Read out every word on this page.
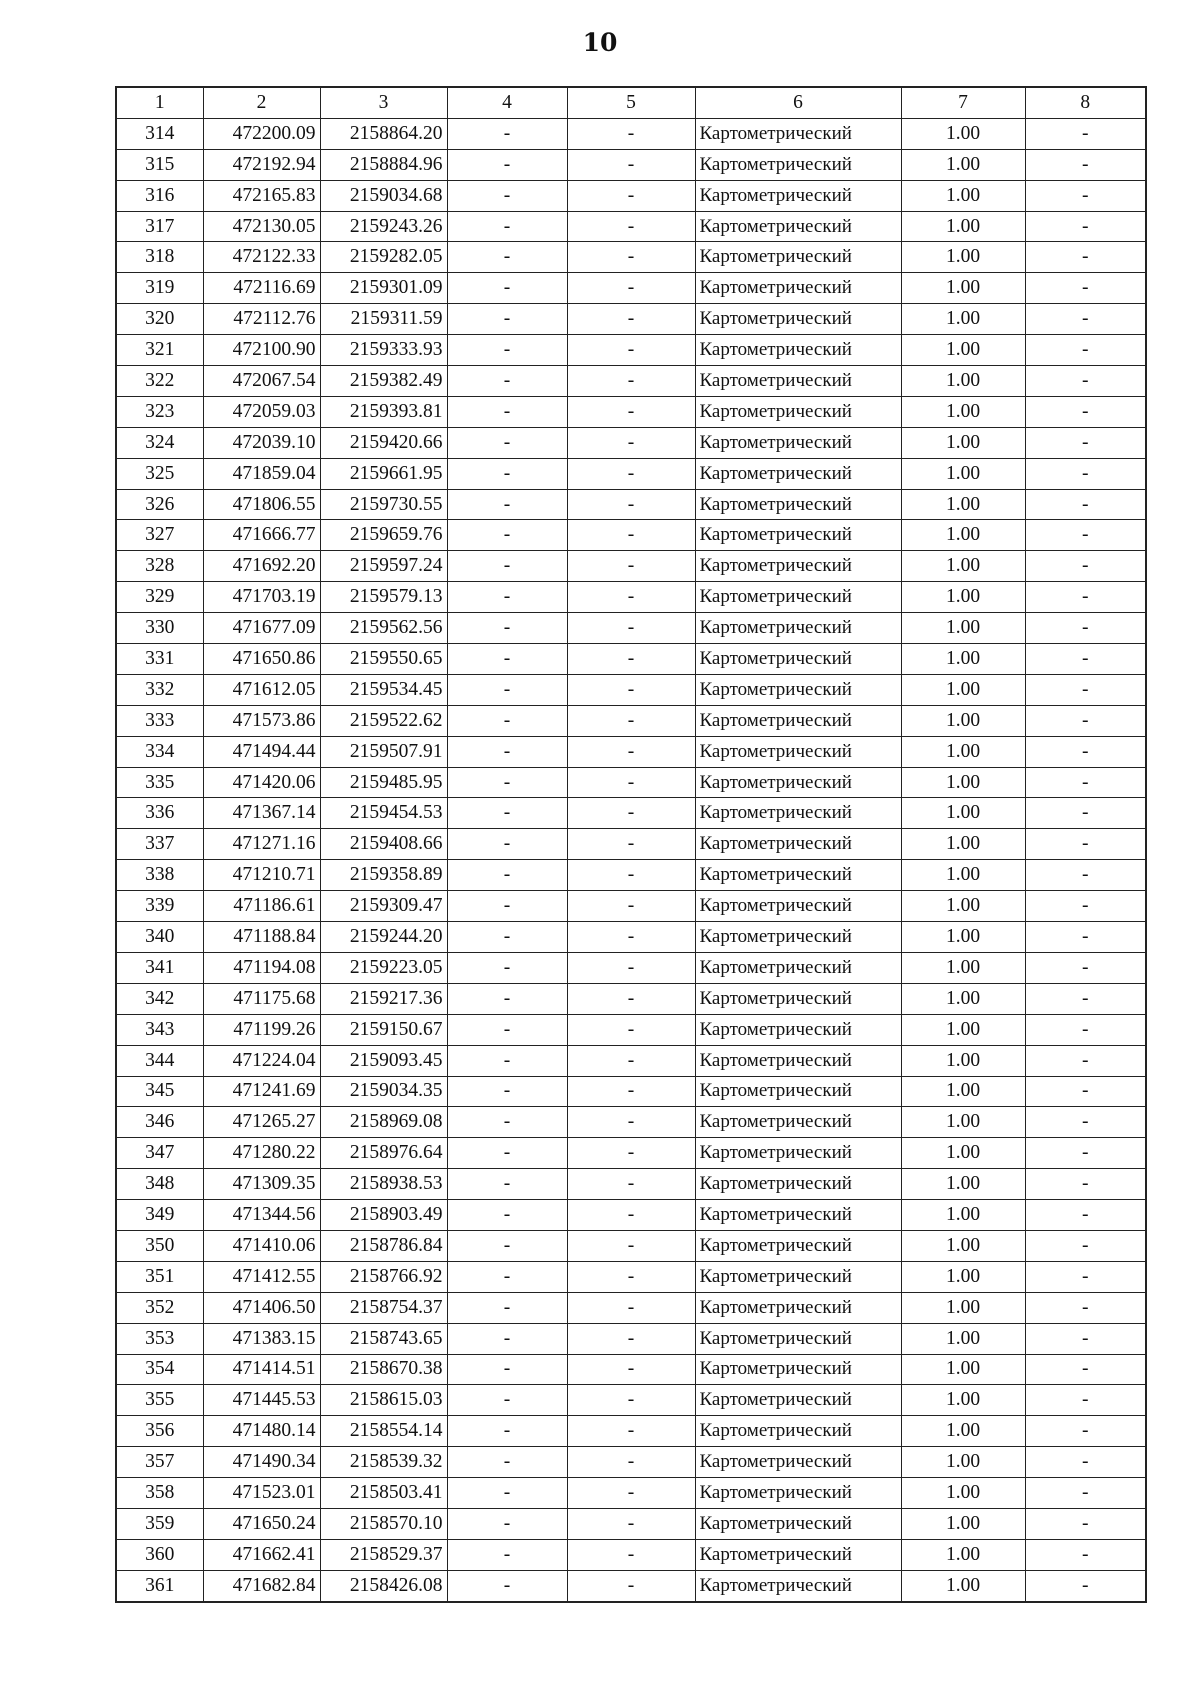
10
1	2	3	4	5	6	7	8
314	472200.09	2158864.20	-	-	Картометрический	1.00	-
315	472192.94	2158884.96	-	-	Картометрический	1.00	-
316	472165.83	2159034.68	-	-	Картометрический	1.00	-
317	472130.05	2159243.26	-	-	Картометрический	1.00	-
318	472122.33	2159282.05	-	-	Картометрический	1.00	-
319	472116.69	2159301.09	-	-	Картометрический	1.00	-
320	472112.76	2159311.59	-	-	Картометрический	1.00	-
321	472100.90	2159333.93	-	-	Картометрический	1.00	-
322	472067.54	2159382.49	-	-	Картометрический	1.00	-
323	472059.03	2159393.81	-	-	Картометрический	1.00	-
324	472039.10	2159420.66	-	-	Картометрический	1.00	-
325	471859.04	2159661.95	-	-	Картометрический	1.00	-
326	471806.55	2159730.55	-	-	Картометрический	1.00	-
327	471666.77	2159659.76	-	-	Картометрический	1.00	-
328	471692.20	2159597.24	-	-	Картометрический	1.00	-
329	471703.19	2159579.13	-	-	Картометрический	1.00	-
330	471677.09	2159562.56	-	-	Картометрический	1.00	-
331	471650.86	2159550.65	-	-	Картометрический	1.00	-
332	471612.05	2159534.45	-	-	Картометрический	1.00	-
333	471573.86	2159522.62	-	-	Картометрический	1.00	-
334	471494.44	2159507.91	-	-	Картометрический	1.00	-
335	471420.06	2159485.95	-	-	Картометрический	1.00	-
336	471367.14	2159454.53	-	-	Картометрический	1.00	-
337	471271.16	2159408.66	-	-	Картометрический	1.00	-
338	471210.71	2159358.89	-	-	Картометрический	1.00	-
339	471186.61	2159309.47	-	-	Картометрический	1.00	-
340	471188.84	2159244.20	-	-	Картометрический	1.00	-
341	471194.08	2159223.05	-	-	Картометрический	1.00	-
342	471175.68	2159217.36	-	-	Картометрический	1.00	-
343	471199.26	2159150.67	-	-	Картометрический	1.00	-
344	471224.04	2159093.45	-	-	Картометрический	1.00	-
345	471241.69	2159034.35	-	-	Картометрический	1.00	-
346	471265.27	2158969.08	-	-	Картометрический	1.00	-
347	471280.22	2158976.64	-	-	Картометрический	1.00	-
348	471309.35	2158938.53	-	-	Картометрический	1.00	-
349	471344.56	2158903.49	-	-	Картометрический	1.00	-
350	471410.06	2158786.84	-	-	Картометрический	1.00	-
351	471412.55	2158766.92	-	-	Картометрический	1.00	-
352	471406.50	2158754.37	-	-	Картометрический	1.00	-
353	471383.15	2158743.65	-	-	Картометрический	1.00	-
354	471414.51	2158670.38	-	-	Картометрический	1.00	-
355	471445.53	2158615.03	-	-	Картометрический	1.00	-
356	471480.14	2158554.14	-	-	Картометрический	1.00	-
357	471490.34	2158539.32	-	-	Картометрический	1.00	-
358	471523.01	2158503.41	-	-	Картометрический	1.00	-
359	471650.24	2158570.10	-	-	Картометрический	1.00	-
360	471662.41	2158529.37	-	-	Картометрический	1.00	-
361	471682.84	2158426.08	-	-	Картометрический	1.00	-
